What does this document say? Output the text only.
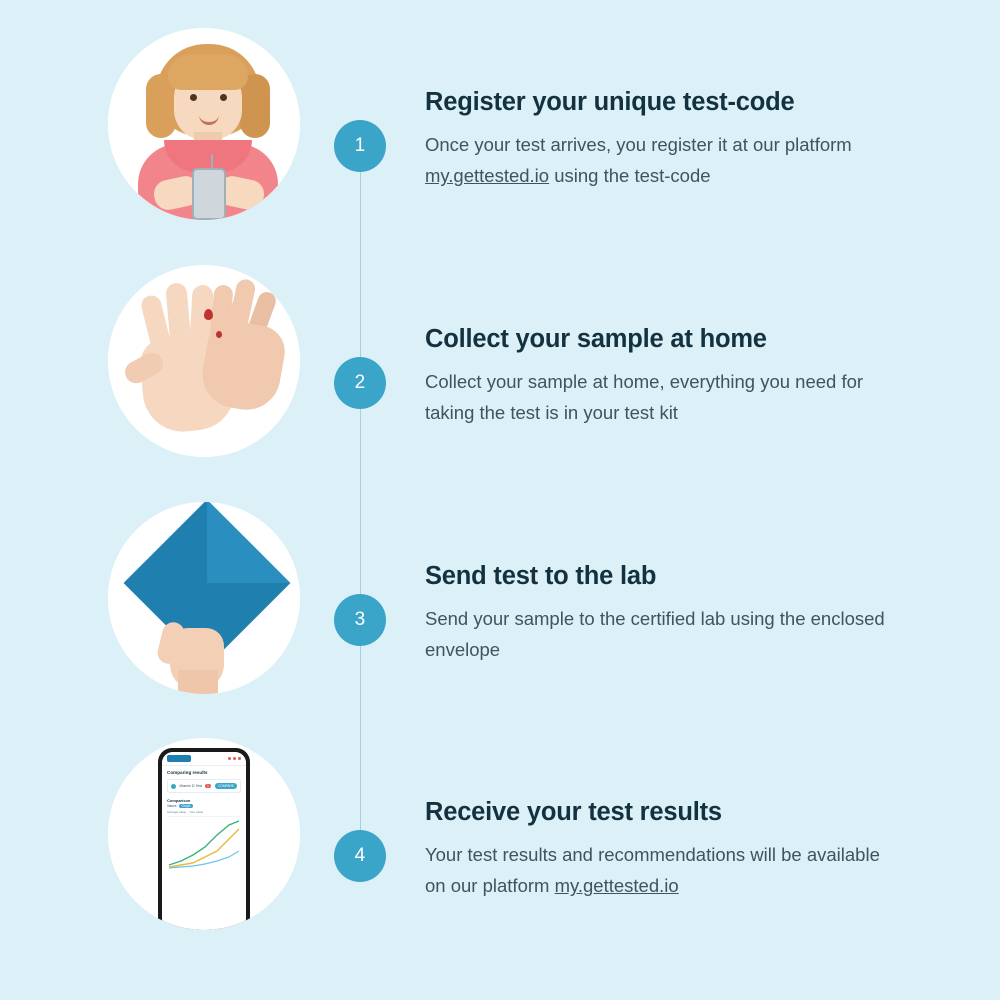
1
Register your unique test-code

Once your test arrives, you register it at our platform my.gettested.io using the test-code

2
Collect your sample at home

Collect your sample at home, everything you need for taking the test is in your test kit

3
Send test to the lab

Send your sample to the certified lab using the enclosed envelope

Comparing results
Vitamin D Test	1	COMPARE
Comparison
Values	Graph
Average value Your value
4
Receive your test results

Your test results and recommendations will be available on our platform my.gettested.io
